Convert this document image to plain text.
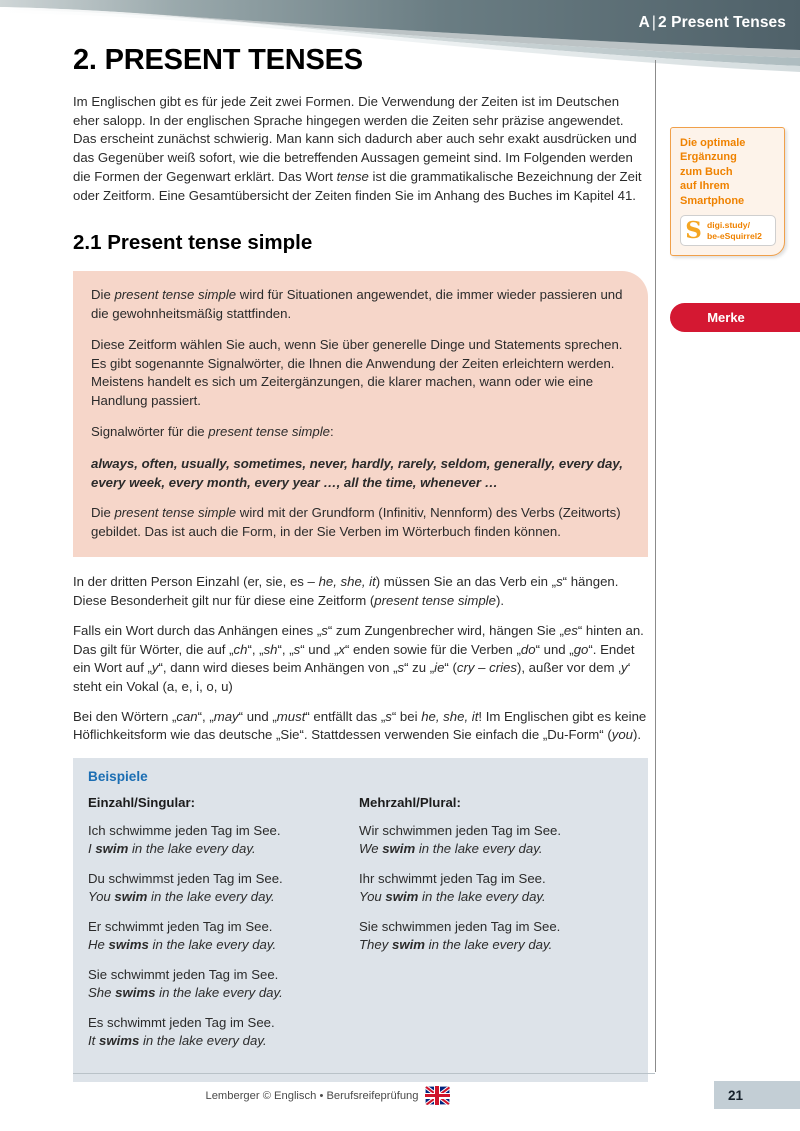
A | 2 Present Tenses
Die optimale
Ergänzung
zum Buch
auf Ihrem
Smartphone
S digi.study/
be-eSquirrel2
Merke
2. PRESENT TENSES

Im Englischen gibt es für jede Zeit zwei Formen. Die Verwendung der Zeiten ist im Deutschen eher salopp. In der englischen Sprache hingegen werden die Zeiten sehr präzise angewendet. Das erscheint zunächst schwierig. Man kann sich dadurch aber auch sehr exakt ausdrücken und das Gegenüber weiß sofort, wie die betreffenden Aussagen gemeint sind. Im Folgenden werden die Formen der Gegenwart erklärt. Das Wort tense ist die grammatikalische Bezeichnung der Zeit oder Zeitform. Eine Gesamtübersicht der Zeiten finden Sie im Anhang des Buches im Kapitel 41.

2.1 Present tense simple

Die present tense simple wird für Situationen angewendet, die immer wieder passieren und die gewohnheitsmäßig stattfinden.

Diese Zeitform wählen Sie auch, wenn Sie über generelle Dinge und Statements sprechen. Es gibt sogenannte Signalwörter, die Ihnen die Anwendung der Zeiten erleichtern werden. Meistens handelt es sich um Zeitergänzungen, die klarer machen, wann oder wie eine Handlung passiert.

Signalwörter für die present tense simple:

always, often, usually, sometimes, never, hardly, rarely, seldom, generally, every day, every week, every month, every year …, all the time, whenever …

Die present tense simple wird mit der Grundform (Infinitiv, Nennform) des Verbs (Zeitworts) gebildet. Das ist auch die Form, in der Sie Verben im Wörterbuch finden können.

In der dritten Person Einzahl (er, sie, es – he, she, it) müssen Sie an das Verb ein „s“ hängen. Diese Besonderheit gilt nur für diese eine Zeitform (present tense simple).

Falls ein Wort durch das Anhängen eines „s“ zum Zungenbrecher wird, hängen Sie „es“ hinten an. Das gilt für Wörter, die auf „ch“, „sh“, „s“ und „x“ enden sowie für die Verben „do“ und „go“. Endet ein Wort auf „y“, dann wird dieses beim Anhängen von „s“ zu „ie“ (cry – cries), außer vor dem ‚y‘ steht ein Vokal (a, e, i, o, u)

Bei den Wörtern „can“, „may“ und „must“ entfällt das „s“ bei he, she, it! Im Englischen gibt es keine Höflichkeitsform wie das deutsche „Sie“. Stattdessen verwenden Sie einfach die „Du-Form“ (you).

Beispiele
Einzahl/Singular:

Ich schwimme jeden Tag im See.

I swim in the lake every day.

Du schwimmst jeden Tag im See.

You swim in the lake every day.

Er schwimmt jeden Tag im See.

He swims in the lake every day.

Sie schwimmt jeden Tag im See.

She swims in the lake every day.

Es schwimmt jeden Tag im See.

It swims in the lake every day.

Mehrzahl/Plural:

Wir schwimmen jeden Tag im See.

We swim in the lake every day.

Ihr schwimmt jeden Tag im See.

You swim in the lake every day.

Sie schwimmen jeden Tag im See.

They swim in the lake every day.

Lemberger © Englisch • Berufsreifeprüfung	21
